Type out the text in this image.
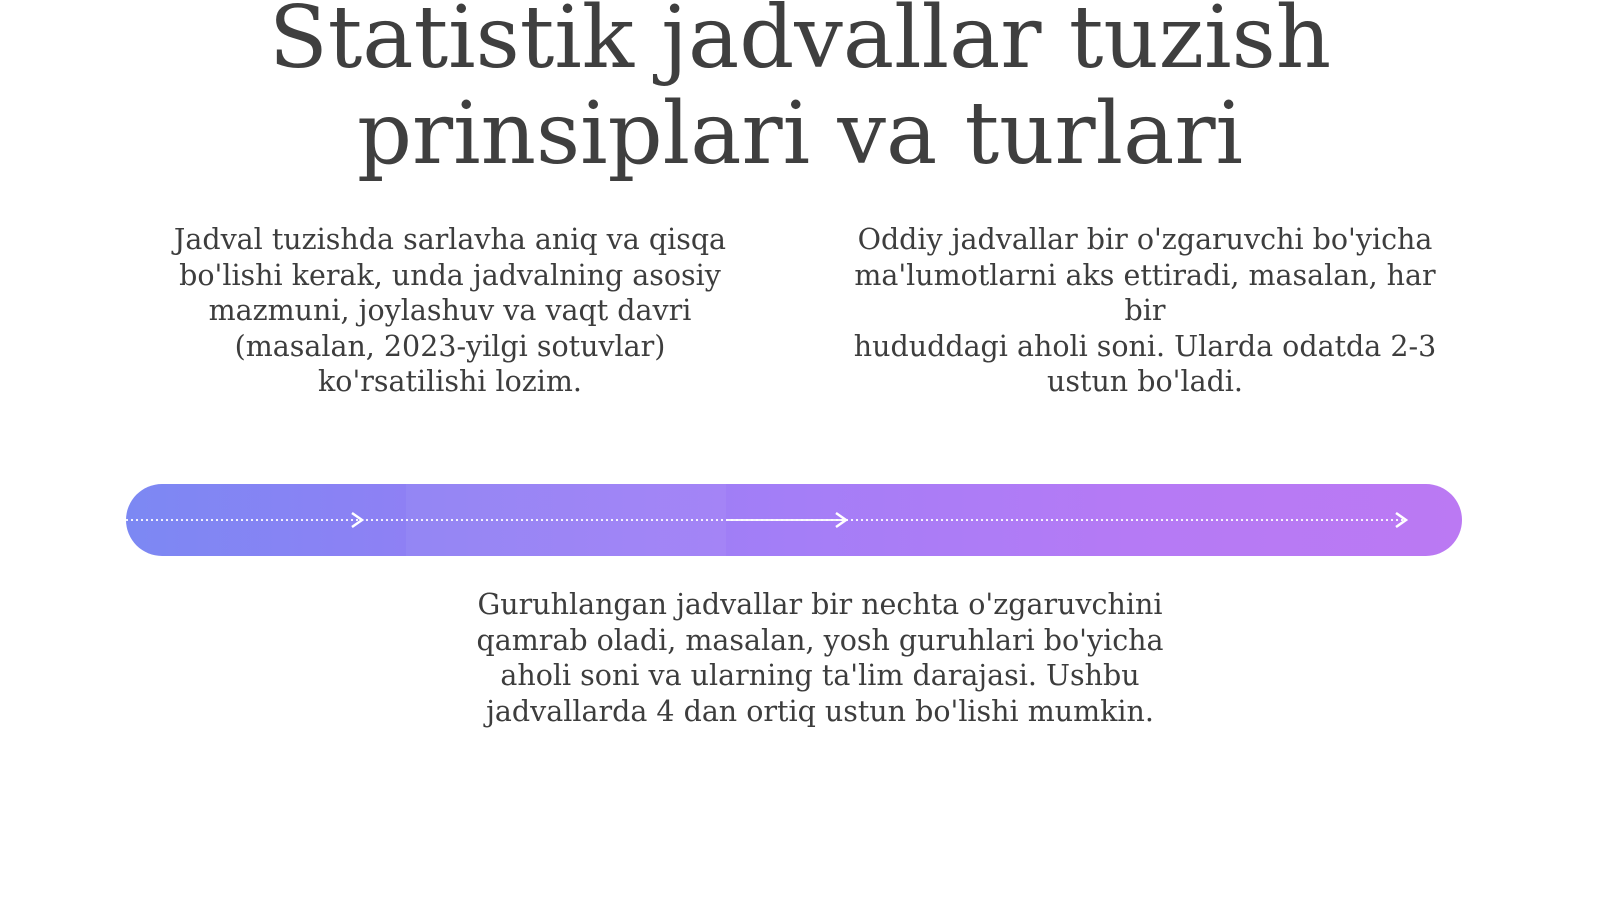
Statistik jadvallar tuzish
prinsiplari va turlari

Jadval tuzishda sarlavha aniq va qisqa
bo'lishi kerak, unda jadvalning asosiy
mazmuni, joylashuv va vaqt davri
(masalan, 2023-yilgi sotuvlar)
ko'rsatilishi lozim.

Oddiy jadvallar bir o'zgaruvchi bo'yicha
ma'lumotlarni aks ettiradi, masalan, har bir
hududdagi aholi soni. Ularda odatda 2-3
ustun bo'ladi.

Guruhlangan jadvallar bir nechta o'zgaruvchini
qamrab oladi, masalan, yosh guruhlari bo'yicha
aholi soni va ularning ta'lim darajasi. Ushbu
jadvallarda 4 dan ortiq ustun bo'lishi mumkin.
